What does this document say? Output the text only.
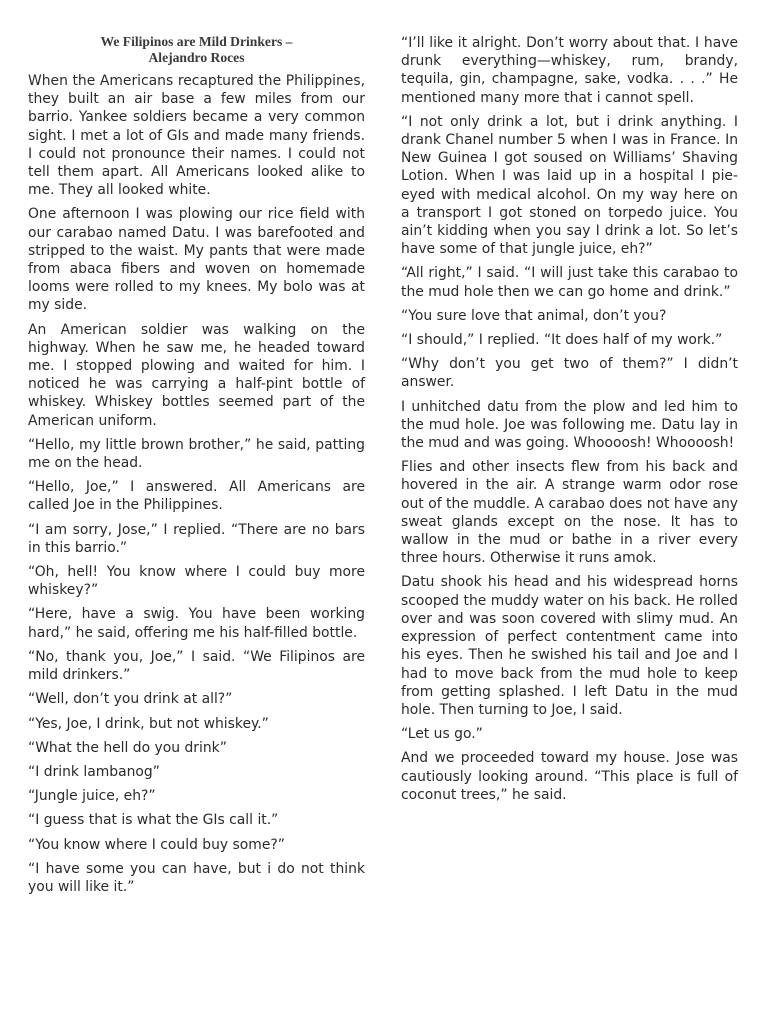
We Filipinos are Mild Drinkers –
Alejandro Roces

When the Americans recaptured the Philippines, they built an air base a few miles from our barrio. Yankee soldiers became a very common sight. I met a lot of GIs and made many friends. I could not pronounce their names. I could not tell them apart. All Americans looked alike to me. They all looked white.

One afternoon I was plowing our rice field with our carabao named Datu. I was barefooted and stripped to the waist. My pants that were made from abaca fibers and woven on homemade looms were rolled to my knees. My bolo was at my side.

An American soldier was walking on the highway. When he saw me, he headed toward me. I stopped plowing and waited for him. I noticed he was carrying a half-pint bottle of whiskey. Whiskey bottles seemed part of the American uniform.

“Hello, my little brown brother,” he said, patting me on the head.

“Hello, Joe,” I answered. All Americans are called Joe in the Philippines.

“I am sorry, Jose,” I replied. “There are no bars in this barrio.”

“Oh, hell! You know where I could buy more whiskey?”

“Here, have a swig. You have been working hard,” he said, offering me his half-filled bottle.

“No, thank you, Joe,” I said. “We Filipinos are mild drinkers.”

“Well, don’t you drink at all?”

“Yes, Joe, I drink, but not whiskey.”

“What the hell do you drink”

“I drink lambanog”

“Jungle juice, eh?”

“I guess that is what the GIs call it.”

“You know where I could buy some?”

“I have some you can have, but i do not think you will like it.”

“I’ll like it alright. Don’t worry about that. I have drunk everything—whiskey, rum, brandy, tequila, gin, champagne, sake, vodka. . . .” He mentioned many more that i cannot spell.

“I not only drink a lot, but i drink anything. I drank Chanel number 5 when I was in France. In New Guinea I got soused on Williams’ Shaving Lotion. When I was laid up in a hospital I pie-eyed with medical alcohol. On my way here on a transport I got stoned on torpedo juice. You ain’t kidding when you say I drink a lot. So let’s have some of that jungle juice, eh?”

“All right,” I said. “I will just take this carabao to the mud hole then we can go home and drink.”

“You sure love that animal, don’t you?

“I should,” I replied. “It does half of my work.”

“Why don’t you get two of them?” I didn’t answer.

I unhitched datu from the plow and led him to the mud hole. Joe was following me. Datu lay in the mud and was going. Whoooosh! Whoooosh!

Flies and other insects flew from his back and hovered in the air. A strange warm odor rose out of the muddle. A carabao does not have any sweat glands except on the nose. It has to wallow in the mud or bathe in a river every three hours. Otherwise it runs amok.

Datu shook his head and his widespread horns scooped the muddy water on his back. He rolled over and was soon covered with slimy mud. An expression of perfect contentment came into his eyes. Then he swished his tail and Joe and I had to move back from the mud hole to keep from getting splashed. I left Datu in the mud hole. Then turning to Joe, I said.

“Let us go.”

And we proceeded toward my house. Jose was cautiously looking around. “This place is full of coconut trees,” he said.
